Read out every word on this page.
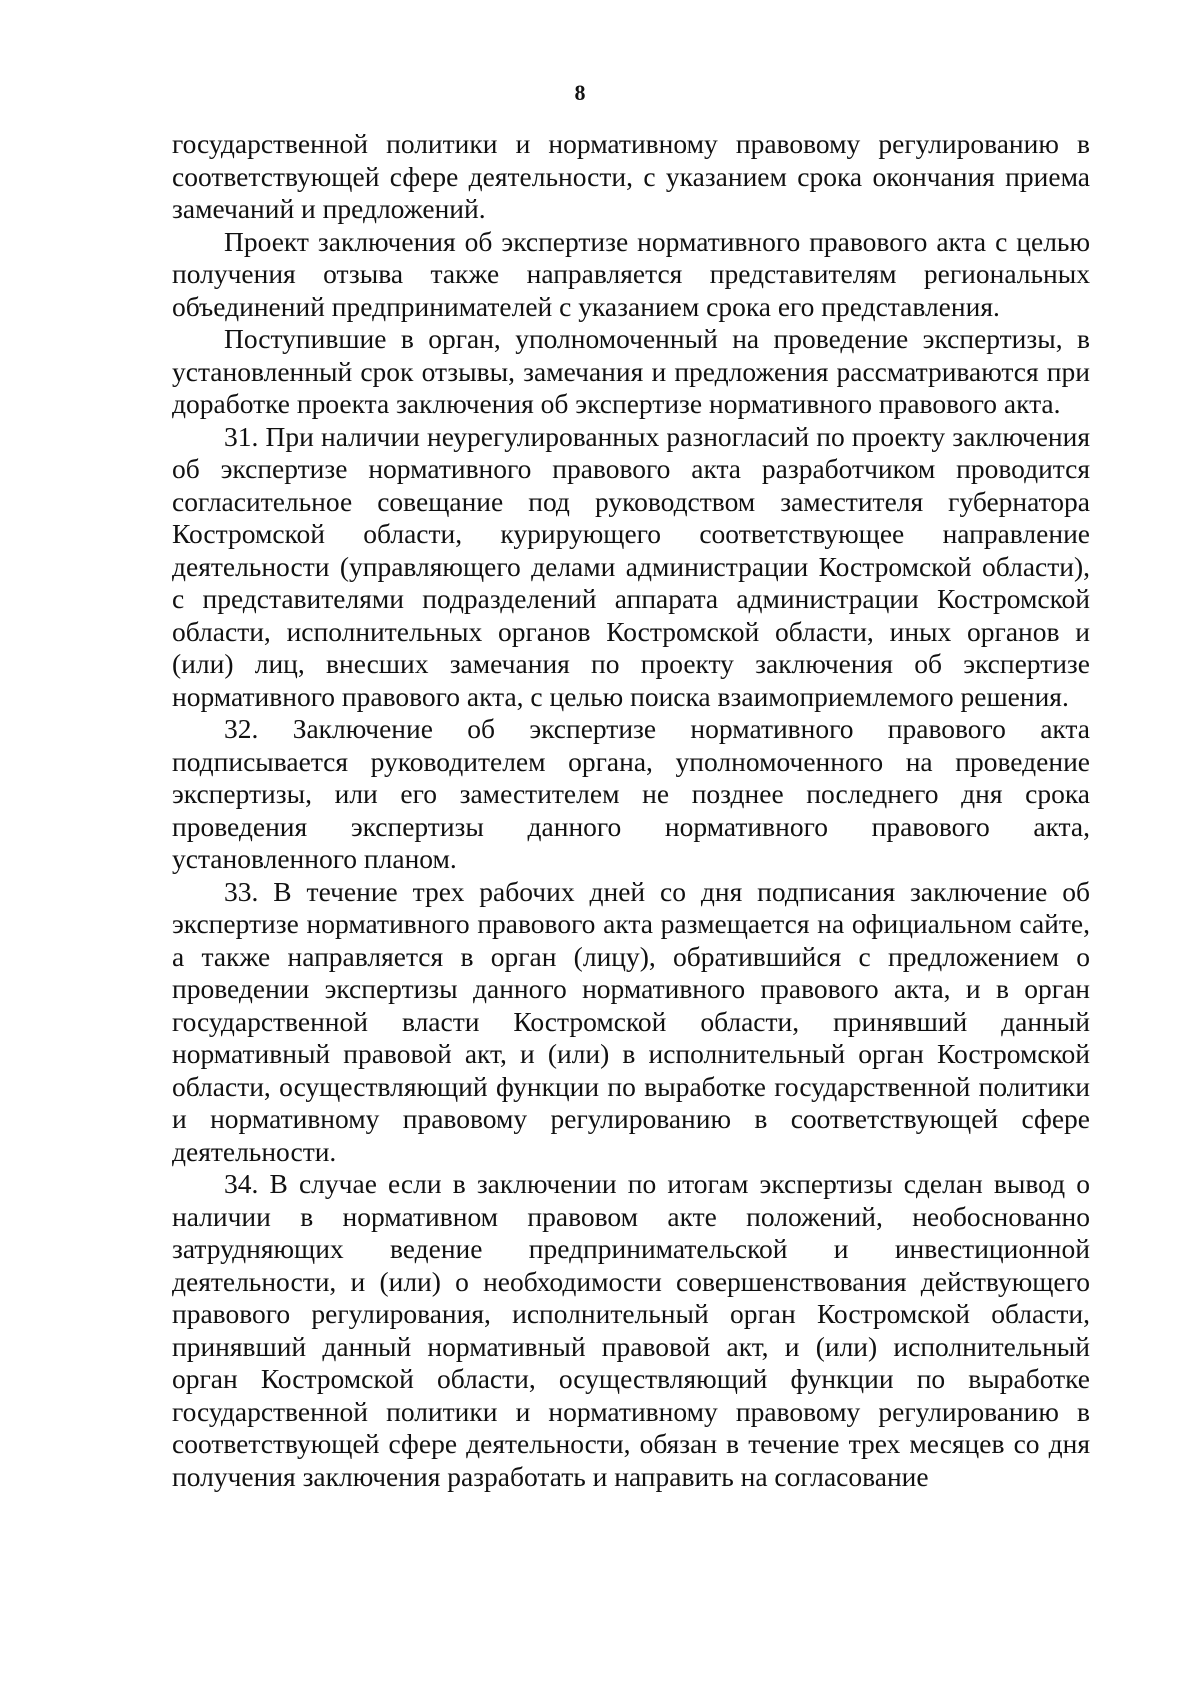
8

государственной политики и нормативному правовому регулированию в соответствующей сфере деятельности, с указанием срока окончания приема замечаний и предложений.

Проект заключения об экспертизе нормативного правового акта с целью получения отзыва также направляется представителям региональных объединений предпринимателей с указанием срока его представления.

Поступившие в орган, уполномоченный на проведение экспертизы, в установленный срок отзывы, замечания и предложения рассматриваются при доработке проекта заключения об экспертизе нормативного правового акта.

31. При наличии неурегулированных разногласий по проекту заключения об экспертизе нормативного правового акта разработчиком проводится согласительное совещание под руководством заместителя губернатора Костромской области, курирующего соответствующее направление деятельности (управляющего делами администрации Костромской области), с представителями подразделений аппарата администрации Костромской области, исполнительных органов Костромской области, иных органов и (или) лиц, внесших замечания по проекту заключения об экспертизе нормативного правового акта, с целью поиска взаимоприемлемого решения.

32. Заключение об экспертизе нормативного правового акта подписывается руководителем органа, уполномоченного на проведение экспертизы, или его заместителем не позднее последнего дня срока проведения экспертизы данного нормативного правового акта, установленного планом.

33. В течение трех рабочих дней со дня подписания заключение об экспертизе нормативного правового акта размещается на официальном сайте, а также направляется в орган (лицу), обратившийся с предложением о проведении экспертизы данного нормативного правового акта, и в орган государственной власти Костромской области, принявший данный нормативный правовой акт, и (или) в исполнительный орган Костромской области, осуществляющий функции по выработке государственной политики и нормативному правовому регулированию в соответствующей сфере деятельности.

34. В случае если в заключении по итогам экспертизы сделан вывод о наличии в нормативном правовом акте положений, необоснованно затрудняющих ведение предпринимательской и инвестиционной деятельности, и (или) о необходимости совершенствования действующего правового регулирования, исполнительный орган Костромской области, принявший данный нормативный правовой акт, и (или) исполнительный орган Костромской области, осуществляющий функции по выработке государственной политики и нормативному правовому регулированию в соответствующей сфере деятельности, обязан в течение трех месяцев со дня получения заключения разработать и направить на согласование
